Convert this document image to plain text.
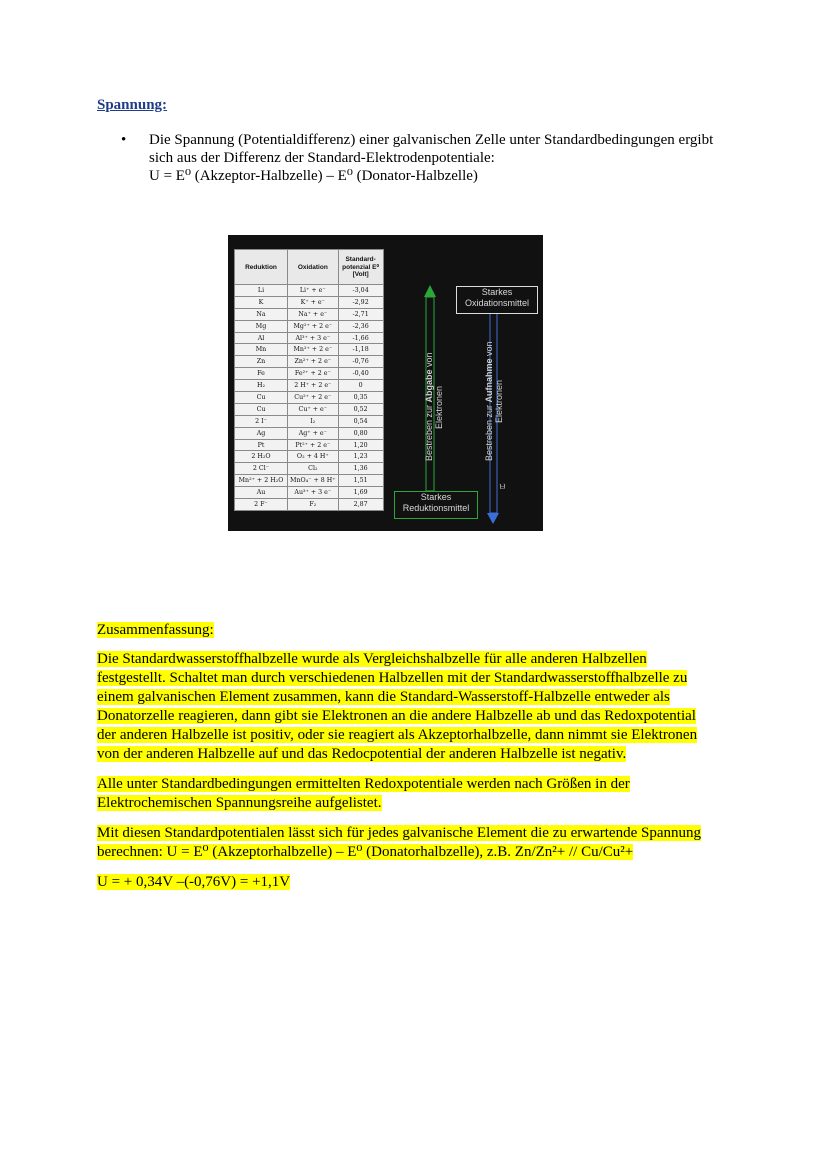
Spannung:
• Die Spannung (Potentialdifferenz) einer galvanischen Zelle unter Standardbedingungen ergibt
sich aus der Differenz der Standard-Elektrodenpotentiale:
U = E⁰ (Akzeptor-Halbzelle) – E⁰ (Donator-Halbzelle)
Reduktion	Oxidation	Standard-potenzial E⁰ [Volt]
Li	Li⁺ + e⁻	-3,04
K	K⁺ + e⁻	-2,92
Na	Na⁺ + e⁻	-2,71
Mg	Mg²⁺ + 2 e⁻	-2,36
Al	Al³⁺ + 3 e⁻	-1,66
Mn	Mn²⁺ + 2 e⁻	-1,18
Zn	Zn²⁺ + 2 e⁻	-0,76
Fe	Fe²⁺ + 2 e⁻	-0,40
H₂	2 H⁺ + 2 e⁻	0
Cu	Cu²⁺ + 2 e⁻	0,35
Cu	Cu⁺ + e⁻	0,52
2 I⁻	I₂	0,54
Ag	Ag⁺ + e⁻	0,80
Pt	Pt²⁺ + 2 e⁻	1,20
2 H₂O	O₂ + 4 H⁺	1,23
2 Cl⁻	Cl₂	1,36
Mn²⁺ + 2 H₂O	MnO₄⁻ + 8 H⁺	1,51
Au	Au³⁺ + 3 e⁻	1,69
2 F⁻	F₂	2,87
Starkes
Oxidationsmittel
Starkes
Reduktionsmittel
Bestreben zur Abgabe von
Elektronen	Bestreben zur Aufnahme von
Elektronen
ㅂ
Zusammenfassung:
Die Standardwasserstoffhalbzelle wurde als Vergleichshalbzelle für alle anderen Halbzellen
festgestellt. Schaltet man durch verschiedenen Halbzellen mit der Standardwasserstoffhalbzelle zu
einem galvanischen Element zusammen, kann die Standard-Wasserstoff-Halbzelle entweder als
Donatorzelle reagieren, dann gibt sie Elektronen an die andere Halbzelle ab und das Redoxpotential
der anderen Halbzelle ist positiv, oder sie reagiert als Akzeptorhalbzelle, dann nimmt sie Elektronen
von der anderen Halbzelle auf und das Redocpotential der anderen Halbzelle ist negativ.
Alle unter Standardbedingungen ermittelten Redoxpotentiale werden nach Größen in der
Elektrochemischen Spannungsreihe aufgelistet.
Mit diesen Standardpotentialen lässt sich für jedes galvanische Element die zu erwartende Spannung
berechnen: U = E⁰ (Akzeptorhalbzelle) – E⁰ (Donatorhalbzelle), z.B. Zn/Zn²+ // Cu/Cu²+
U = + 0,34V –(-0,76V) = +1,1V
